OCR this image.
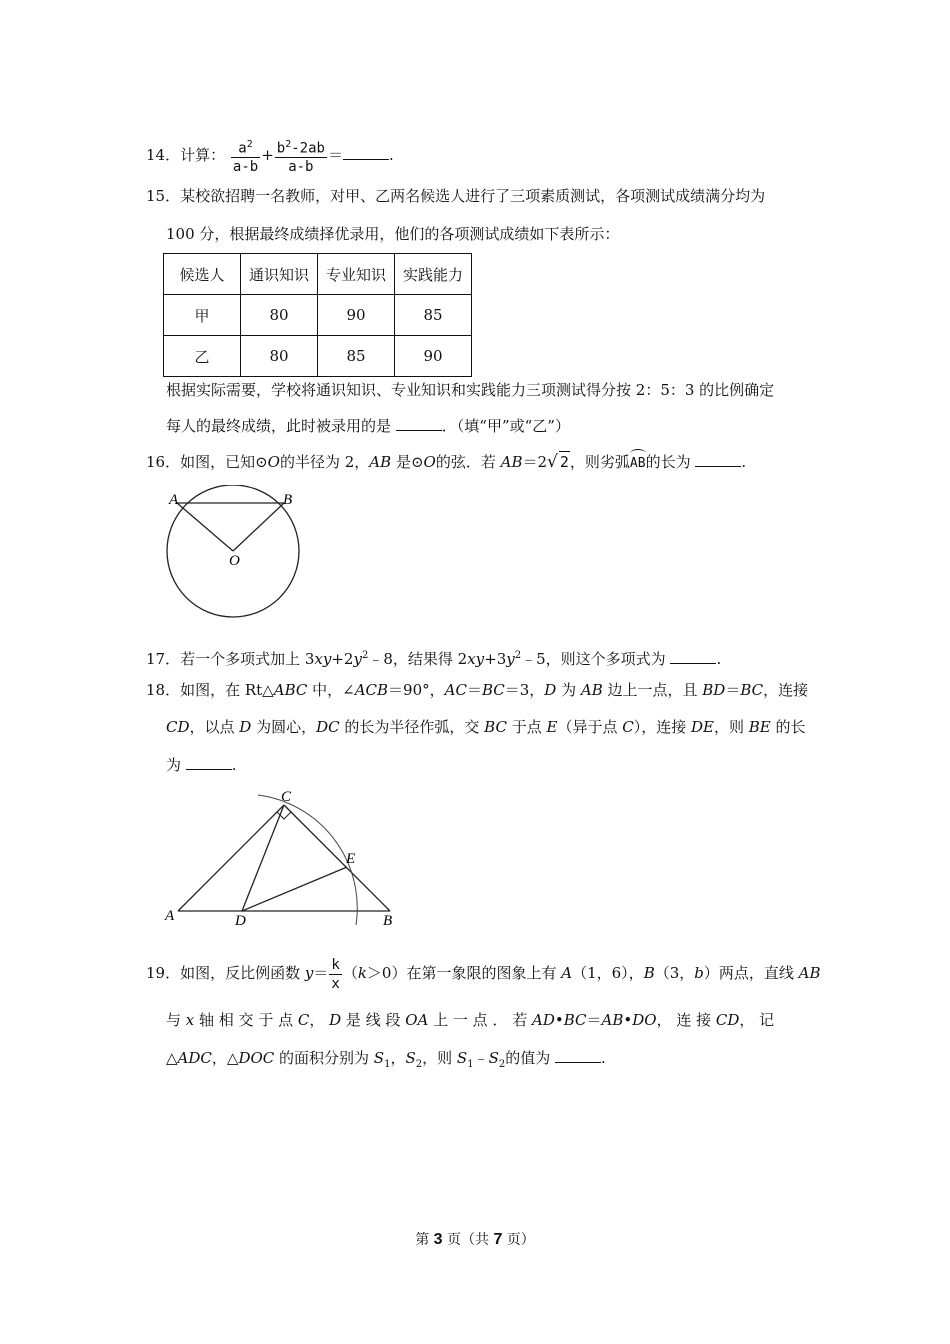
14．计算： $\frac{a^2}{a-b} + \frac{b^2-2ab}{a-b}$ ＝	.
15．某校欲招聘一名教师，对甲、乙两名候选人进行了三项素质测试，各项测试成绩满分均为
100 分，根据最终成绩择优录用，他们的各项测试成绩如下表所示：
候选人	通识知识	专业知识	实践能力
甲	80	90	85
乙	80	85	90
根据实际需要，学校将通识知识、专业知识和实践能力三项测试得分按 2：5：3 的比例确定
每人的最终成绩，此时被录用的是	．（填“甲”或“乙”）
16．如图，已知⊙O的半径为 2，AB 是⊙O的弦．若 AB＝2√ 2，则劣弧AB的长为	.
A	B
O
17．若一个多项式加上 $3xy+2y^2﹣8$，结果得 $2xy+3y^2﹣5$，则这个多项式为	.
18．如图，在 Rt△ABC 中，∠ACB＝90°，AC＝BC＝3，D 为 AB 边上一点，且 BD＝BC，连接
CD，以点 D 为圆心，DC 的长为半径作弧，交 BC 于点 E（异于点 C），连接 DE，则 BE 的长
为	.
A	B
C
D
E
19．如图，反比例函数 $y= \frac{k}{x} (k>0)$在第一象限的图象上有 A（1，6），B（3，b）两点，直线 AB
与 x 轴 相 交 于 点 C， D 是 线 段 OA 上 一 点 ． 若 AD•BC＝AB•DO， 连 接 CD， 记
△ADC，△DOC 的面积分别为 $S_1$，$S_2$，则 $S_1﹣S_2$的值为	.
第 3 页（共 7 页）
